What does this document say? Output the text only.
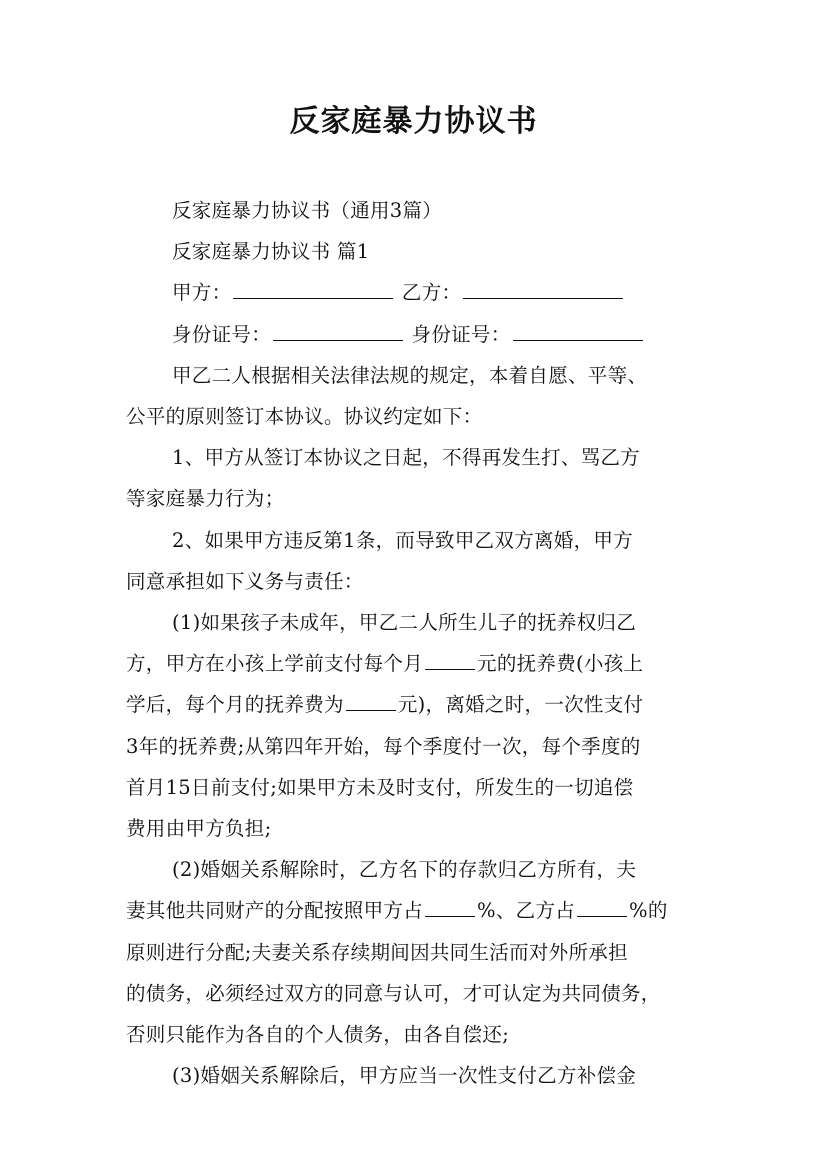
反家庭暴力协议书
反家庭暴力协议书（通用3篇）
反家庭暴力协议书 篇1
甲方：	乙方：
身份证号：	身份证号：
甲乙二人根据相关法律法规的规定，本着自愿、平等、
公平的原则签订本协议。协议约定如下：
1、甲方从签订本协议之日起，不得再发生打、骂乙方
等家庭暴力行为；
2、如果甲方违反第1条，而导致甲乙双方离婚，甲方
同意承担如下义务与责任：
(1)如果孩子未成年，甲乙二人所生儿子的抚养权归乙
方，甲方在小孩上学前支付每个月	元的抚养费(小孩上
学后，每个月的抚养费为	元)，离婚之时，一次性支付
3年的抚养费;从第四年开始，每个季度付一次，每个季度的
首月15日前支付;如果甲方未及时支付，所发生的一切追偿
费用由甲方负担;
(2)婚姻关系解除时，乙方名下的存款归乙方所有，夫
妻其他共同财产的分配按照甲方占	%、乙方占	%的
原则进行分配;夫妻关系存续期间因共同生活而对外所承担
的债务，必须经过双方的同意与认可，才可认定为共同债务，
否则只能作为各自的个人债务，由各自偿还;
(3)婚姻关系解除后，甲方应当一次性支付乙方补偿金
